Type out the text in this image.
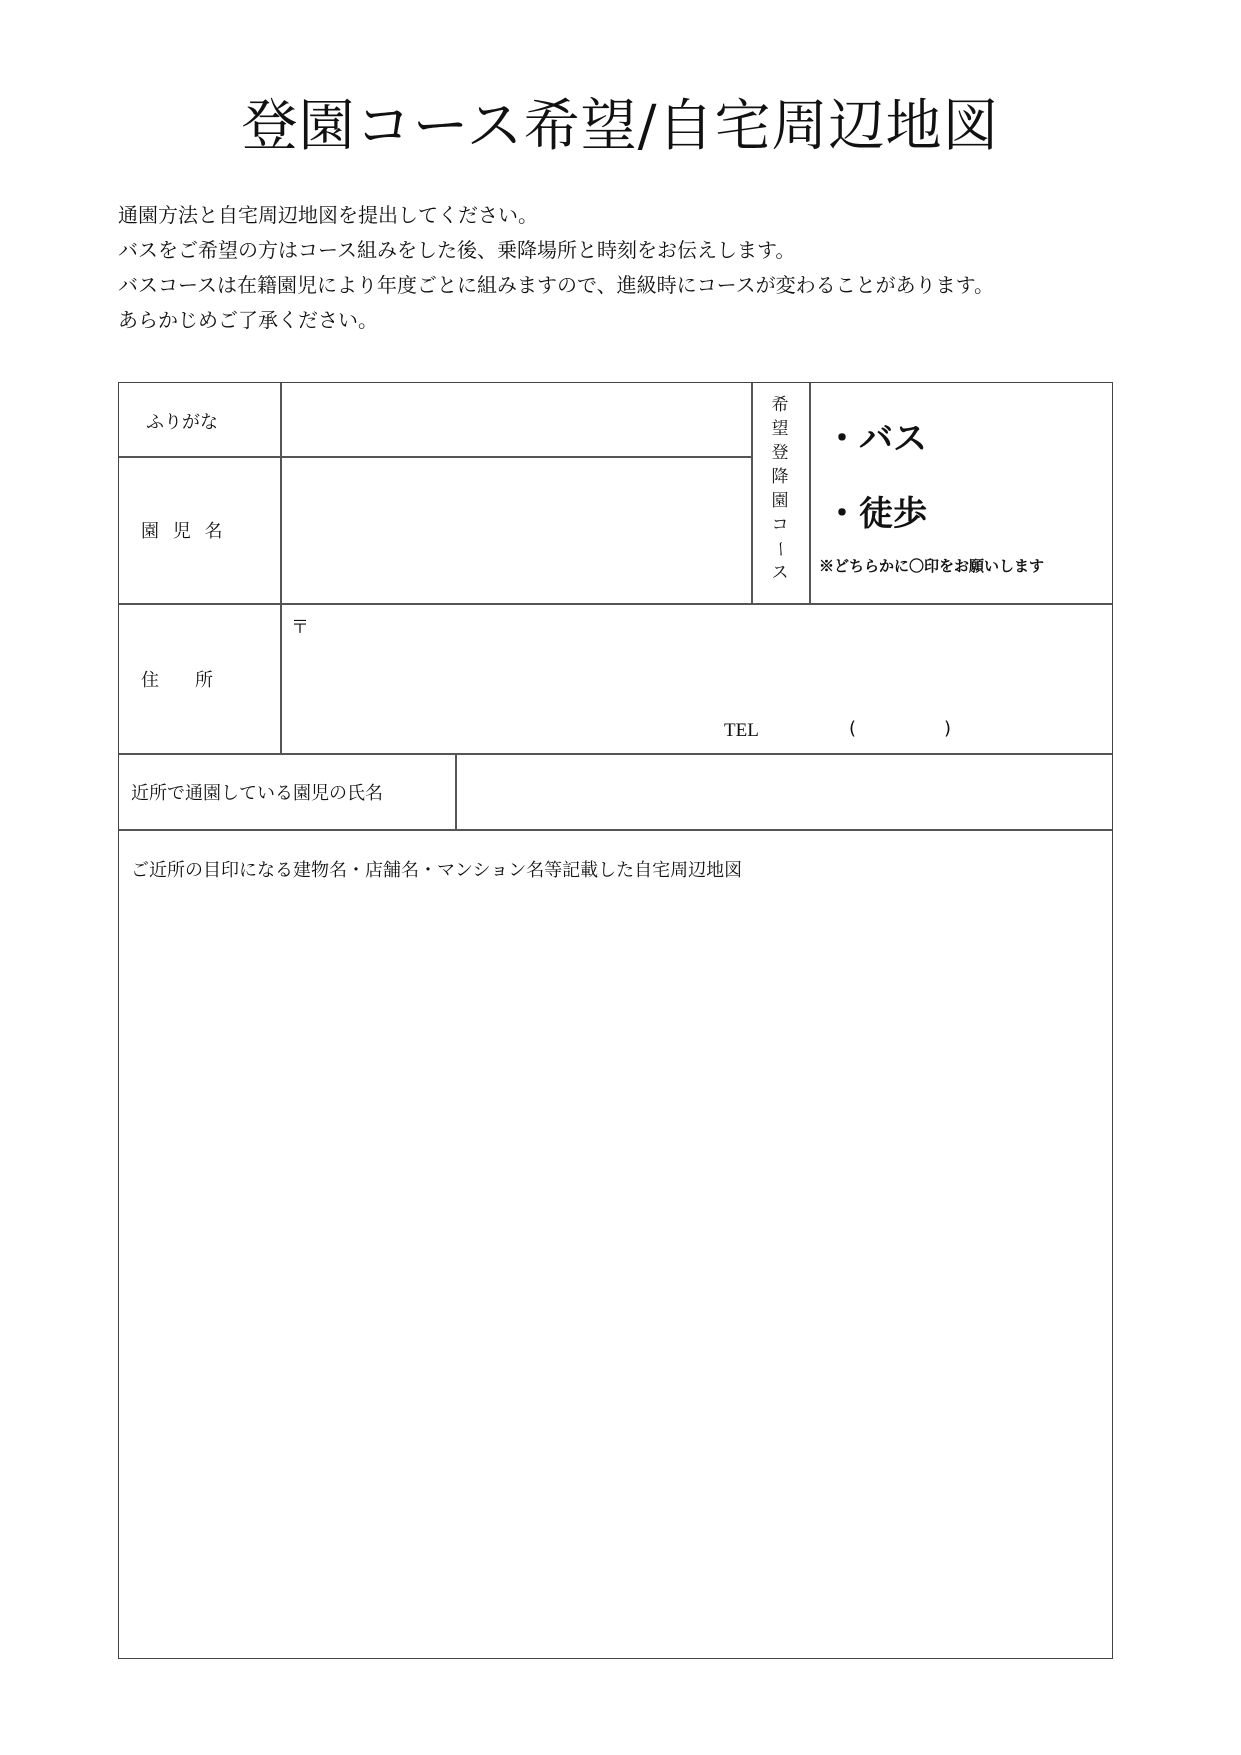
登園コース希望/自宅周辺地図
通園方法と自宅周辺地図を提出してください。
バスをご希望の方はコース組みをした後、乗降場所と時刻をお伝えします。
バスコースは在籍園児により年度ごとに組みますので、進級時にコースが変わることがあります。
あらかじめご了承ください。
ふりがな
園 児 名
希
望
登
降
園
コ
ー
ス
・バス
・徒歩
※どちらかに〇印をお願いします
住　　所
〒
TEL	(	)
近所で通園している園児の氏名
ご近所の目印になる建物名・店舗名・マンション名等記載した自宅周辺地図
